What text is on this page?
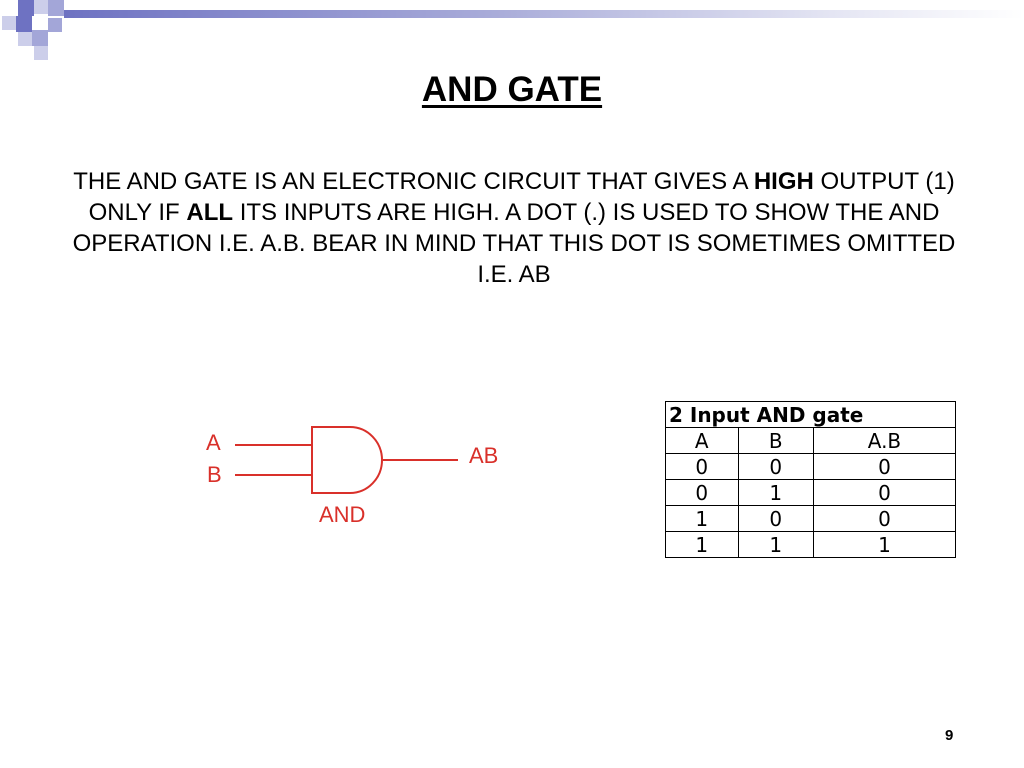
AND GATE

THE AND GATE IS AN ELECTRONIC CIRCUIT THAT GIVES A HIGH OUTPUT (1) ONLY IF ALL ITS INPUTS ARE HIGH. A DOT (.) IS USED TO SHOW THE AND OPERATION I.E. A.B. BEAR IN MIND THAT THIS DOT IS SOMETIMES OMITTED I.E. AB

A
B
AB
AND
2 Input AND gate		
A	B	A.B
0	0	0
0	1	0
1	0	0
1	1	1
9
